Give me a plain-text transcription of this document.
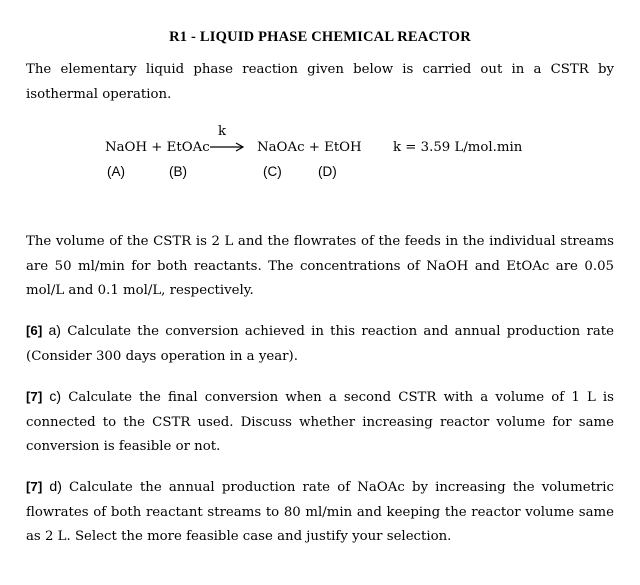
R1 - LIQUID PHASE CHEMICAL REACTOR

The elementary liquid phase reaction given below is carried out in a CSTR by isothermal operation.

k
NaOH + EtOAc → NaOAc + EtOH k = 3.59 L/mol.min
(A)	(B)	(C)	(D)

The volume of the CSTR is 2 L and the flowrates of the feeds in the individual streams are 50 ml/min for both reactants. The concentrations of NaOH and EtOAc are 0.05 mol/L and 0.1 mol/L, respectively.

[6] a) Calculate the conversion achieved in this reaction and annual production rate (Consider 300 days operation in a year).

[7] c) Calculate the final conversion when a second CSTR with a volume of 1 L is connected to the CSTR used. Discuss whether increasing reactor volume for same conversion is feasible or not.

[7] d) Calculate the annual production rate of NaOAc by increasing the volumetric flowrates of both reactant streams to 80 ml/min and keeping the reactor volume same as 2 L. Select the more feasible case and justify your selection.
